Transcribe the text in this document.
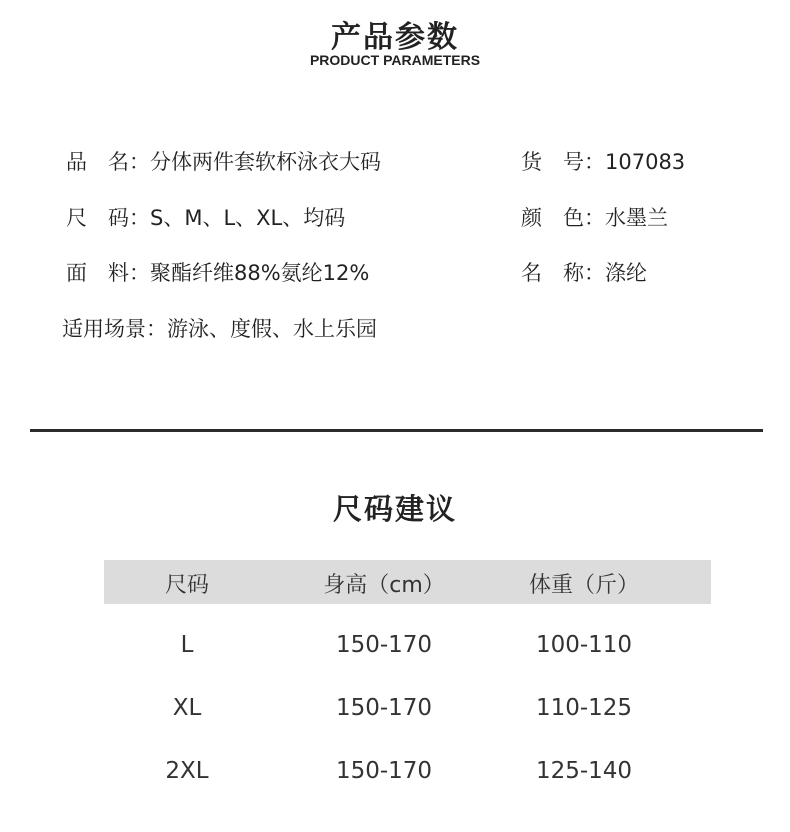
产品参数
PRODUCT PARAMETERS
品　名：分体两件套软杯泳衣大码	货　号：107083
尺　码：S、M、L、XL、均码	颜　色：水墨兰
面　料：聚酯纤维88%氨纶12%	名　称：涤纶
适用场景：游泳、度假、水上乐园
尺码建议
尺码	身高（cm）	体重（斤）
L	150-170	100-110
XL	150-170	110-125
2XL	150-170	125-140
